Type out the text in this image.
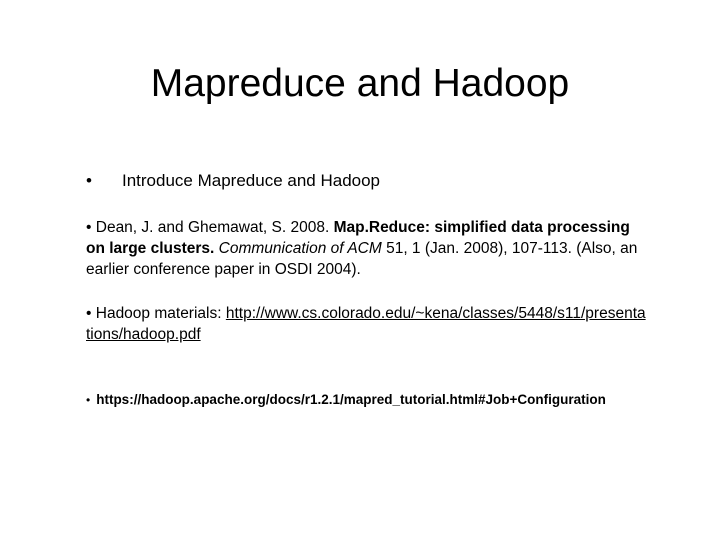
Mapreduce and Hadoop
• Introduce Mapreduce and Hadoop
• Dean, J. and Ghemawat, S. 2008. Map.Reduce: simplified data processing on large clusters. Communication of ACM 51, 1 (Jan. 2008), 107-113. (Also, an earlier conference paper in OSDI 2004).
• Hadoop materials: http://www.cs.colorado.edu/~kena/classes/5448/s11/presentations/hadoop.pdf
• https://hadoop.apache.org/docs/r1.2.1/mapred_tutorial.html#Job+Configuration
